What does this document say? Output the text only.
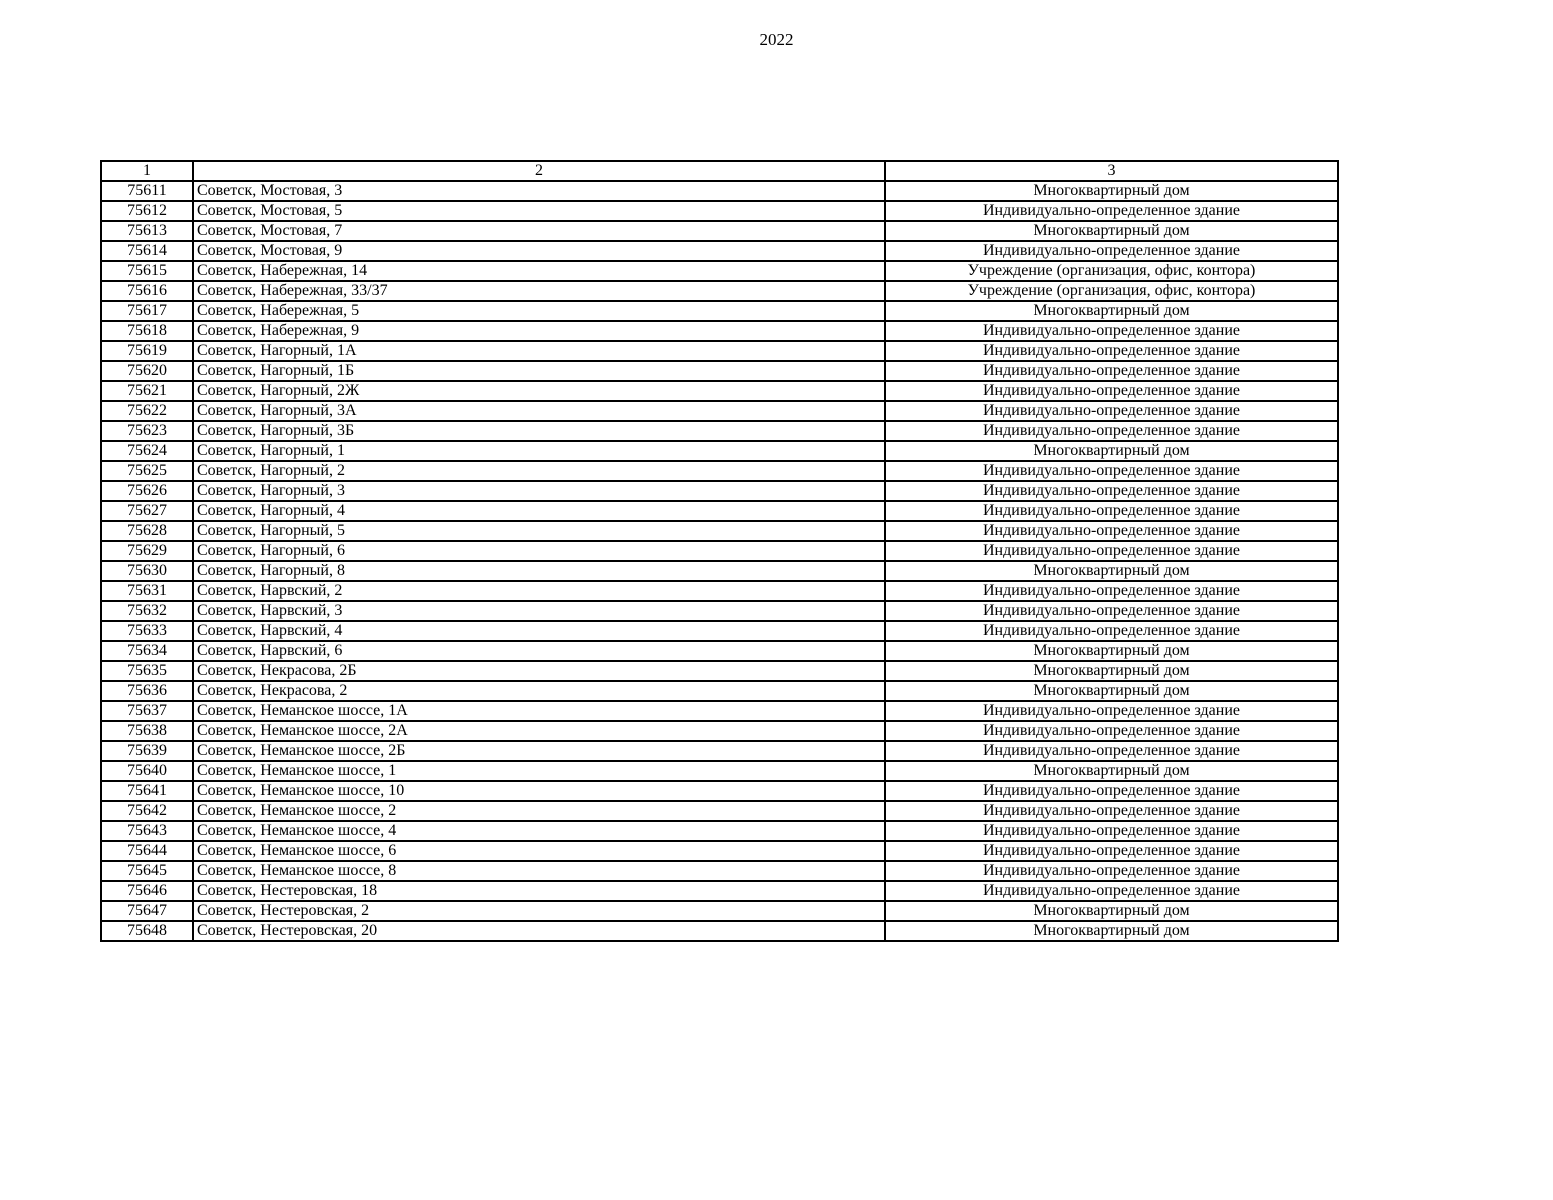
2022
1	2	3
75611	Советск, Мостовая, 3	Многоквартирный дом
75612	Советск, Мостовая, 5	Индивидуально-определенное здание
75613	Советск, Мостовая, 7	Многоквартирный дом
75614	Советск, Мостовая, 9	Индивидуально-определенное здание
75615	Советск, Набережная, 14	Учреждение (организация, офис, контора)
75616	Советск, Набережная, 33/37	Учреждение (организация, офис, контора)
75617	Советск, Набережная, 5	Многоквартирный дом
75618	Советск, Набережная, 9	Индивидуально-определенное здание
75619	Советск, Нагорный, 1А	Индивидуально-определенное здание
75620	Советск, Нагорный, 1Б	Индивидуально-определенное здание
75621	Советск, Нагорный, 2Ж	Индивидуально-определенное здание
75622	Советск, Нагорный, 3А	Индивидуально-определенное здание
75623	Советск, Нагорный, 3Б	Индивидуально-определенное здание
75624	Советск, Нагорный, 1	Многоквартирный дом
75625	Советск, Нагорный, 2	Индивидуально-определенное здание
75626	Советск, Нагорный, 3	Индивидуально-определенное здание
75627	Советск, Нагорный, 4	Индивидуально-определенное здание
75628	Советск, Нагорный, 5	Индивидуально-определенное здание
75629	Советск, Нагорный, 6	Индивидуально-определенное здание
75630	Советск, Нагорный, 8	Многоквартирный дом
75631	Советск, Нарвский, 2	Индивидуально-определенное здание
75632	Советск, Нарвский, 3	Индивидуально-определенное здание
75633	Советск, Нарвский, 4	Индивидуально-определенное здание
75634	Советск, Нарвский, 6	Многоквартирный дом
75635	Советск, Некрасова, 2Б	Многоквартирный дом
75636	Советск, Некрасова, 2	Многоквартирный дом
75637	Советск, Неманское шоссе, 1А	Индивидуально-определенное здание
75638	Советск, Неманское шоссе, 2А	Индивидуально-определенное здание
75639	Советск, Неманское шоссе, 2Б	Индивидуально-определенное здание
75640	Советск, Неманское шоссе, 1	Многоквартирный дом
75641	Советск, Неманское шоссе, 10	Индивидуально-определенное здание
75642	Советск, Неманское шоссе, 2	Индивидуально-определенное здание
75643	Советск, Неманское шоссе, 4	Индивидуально-определенное здание
75644	Советск, Неманское шоссе, 6	Индивидуально-определенное здание
75645	Советск, Неманское шоссе, 8	Индивидуально-определенное здание
75646	Советск, Нестеровская, 18	Индивидуально-определенное здание
75647	Советск, Нестеровская, 2	Многоквартирный дом
75648	Советск, Нестеровская, 20	Многоквартирный дом
